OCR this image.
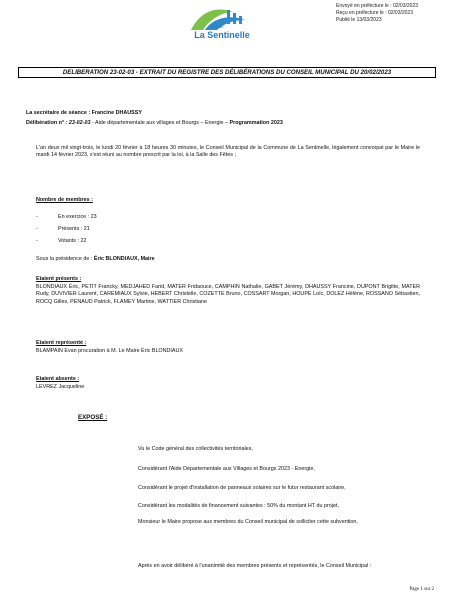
Ville de
La Sentinelle
Envoyé en préfecture le : 02/03/2023
Reçu en préfecture le : 02/03/2023
Publié le 13/03/2023
DELIBERATION 23-02-03 - EXTRAIT DU REGISTRE DES DÉLIBÉRATIONS DU CONSEIL MUNICIPAL DU 20/02/2023
La secrétaire de séance : Francine DHAUSSY
Délibération n° : 23-02-03 - Aide départementale aux villages et Bourgs – Energie – Programmation 2023
L'an deux mil vingt-trois, le lundi 20 février à 18 heures 30 minutes, le Conseil Municipal de la Commune de La Sentinelle, légalement convoqué par le Maire le mardi 14 février 2023, s'est réuni au nombre prescrit par la loi, à la Salle des Fêtes ;
Nombre de membres :
-	En exercice : 23
-	Présents : 21
-	Votants : 22
Sous la présidence de : Éric BLONDIAUX, Maire
Etaient présents :
BLONDIAUX Éric, PETIT Francky, MEDJAHED Farid, MATER Fridaouce, CAMPHIN Nathalie, GABET Jérémy, DHAUSSY Francine, DUPONT Brigitte, MATER Rudy, DUVIVIER Laurent, CAREMIAUX Sylvie, HEBERT Christelle, COZETTE Bruno, COSSART Morgan, HOUPE Loïc, DOLEZ Hélène, ROSSANO Sébastien, ROCQ Gilles, PENAUD Patrick, FLAMEY Martine, WATTIER Christiane
Etaient représenté :
BLAMPAIN Evan procuration à M. Le Maire Éric BLONDIAUX
Etaient absente :
LEVREZ Jacqueline
EXPOSÉ :
Vu le Code général des collectivités territoriales,
Considérant l'Aide Départementale aux Villages et Bourgs 2023 - Energie,
Considérant le projet d'installation de panneaux solaires sur le futur restaurant scolaire,
Considérant les modalités de financement suivantes : 50% du montant HT du projet,
Monsieur le Maire propose aux membres du Conseil municipal de solliciter cette subvention,
Après en avoir délibéré à l'unanimité des membres présents et représentés, le Conseil Municipal :
Page 1 sur 2
